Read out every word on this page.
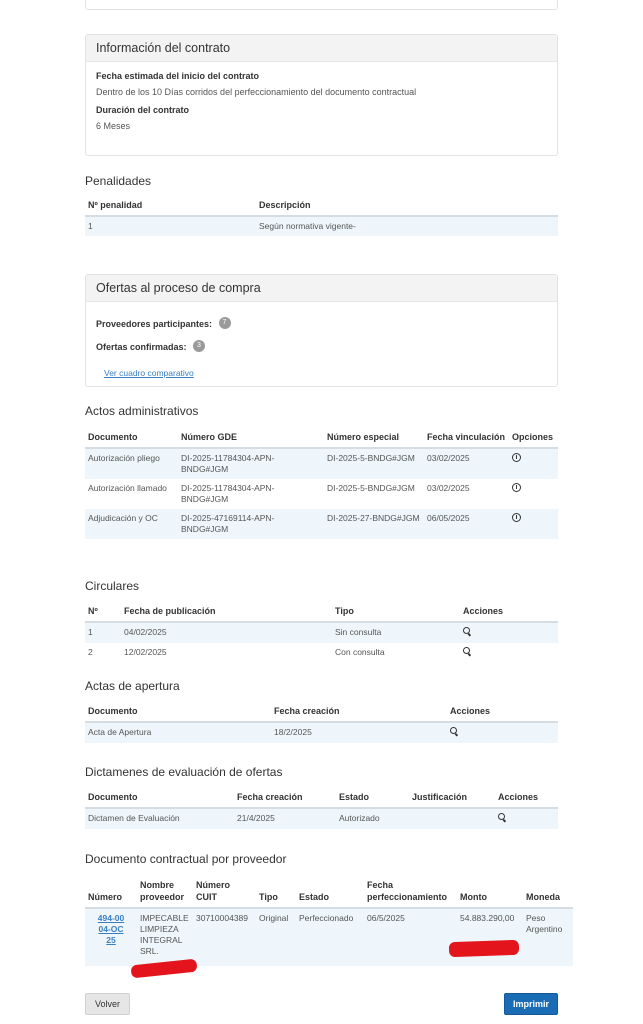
Información del contrato
Fecha estimada del inicio del contrato
Dentro de los 10 Días corridos del perfeccionamiento del documento contractual
Duración del contrato
6 Meses
Penalidades
Nº penalidad	Descripción
1	Según normativa vigente-
Ofertas al proceso de compra
Proveedores participantes: 7
Ofertas confirmadas: 3
Ver cuadro comparativo
Actos administrativos
Documento	Número GDE	Número especial	Fecha vinculación	Opciones
Autorización pliego	DI-2025-11784304-APN-BNDG#JGM	DI-2025-5-BNDG#JGM	03/02/2025	
Autorización llamado	DI-2025-11784304-APN-BNDG#JGM	DI-2025-5-BNDG#JGM	03/02/2025	
Adjudicación y OC	DI-2025-47169114-APN-BNDG#JGM	DI-2025-27-BNDG#JGM	06/05/2025	
Circulares
Nº	Fecha de publicación	Tipo	Acciones
1	04/02/2025	Sin consulta	
2	12/02/2025	Con consulta	
Actas de apertura
Documento	Fecha creación	Acciones
Acta de Apertura	18/2/2025	
Dictamenes de evaluación de ofertas
Documento	Fecha creación	Estado	Justificación	Acciones
Dictamen de Evaluación	21/4/2025	Autorizado		
Documento contractual por proveedor
Número	Nombre proveedor	Número CUIT	Tipo	Estado	Fecha perfeccionamiento	Monto	Moneda
494-0004-OC25	IMPECABLE LIMPIEZA INTEGRAL SRL.	30710004389	Original	Perfeccionado	06/5/2025	54.883.290,00	Peso Argentino
Volver	Imprimir
